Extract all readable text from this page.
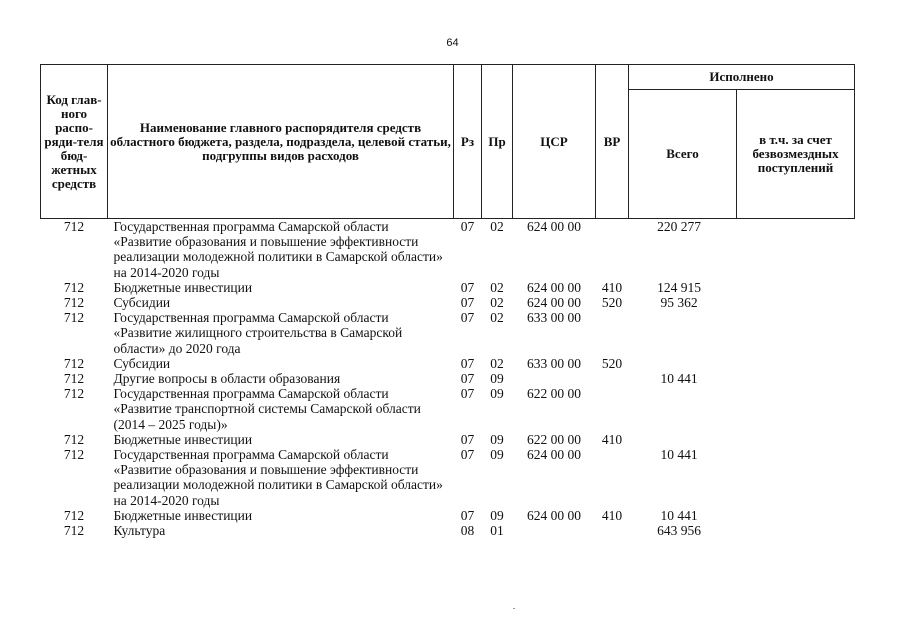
64
Код глав-ного распо-ряди-теля бюд-жетных средств	Наименование главного распорядителя средств областного бюджета, раздела, подраздела, целевой статьи, подгруппы видов расходов	Рз	Пр	ЦСР	ВР	Исполнено	
						Всего	в т.ч. за счет безвозмездных поступлений
712	Государственная программа Самарской области «Развитие образования и повышение эффективности реализации молодежной политики в Самарской области» на 2014-2020 годы	07	02	624 00 00		220 277	
712	Бюджетные инвестиции	07	02	624 00 00	410	124 915	
712	Субсидии	07	02	624 00 00	520	95 362	
712	Государственная программа Самарской области «Развитие жилищного строительства в Самарской области» до 2020 года	07	02	633 00 00			
712	Субсидии	07	02	633 00 00	520		
712	Другие вопросы в области образования	07	09			10 441	
712	Государственная программа Самарской области «Развитие транспортной системы Самарской области (2014 – 2025 годы)»	07	09	622 00 00			
712	Бюджетные инвестиции	07	09	622 00 00	410		
712	Государственная программа Самарской области «Развитие образования и повышение эффективности реализации молодежной политики в Самарской области» на 2014-2020 годы	07	09	624 00 00		10 441	
712	Бюджетные инвестиции	07	09	624 00 00	410	10 441	
712	Культура	08	01			643 956	
